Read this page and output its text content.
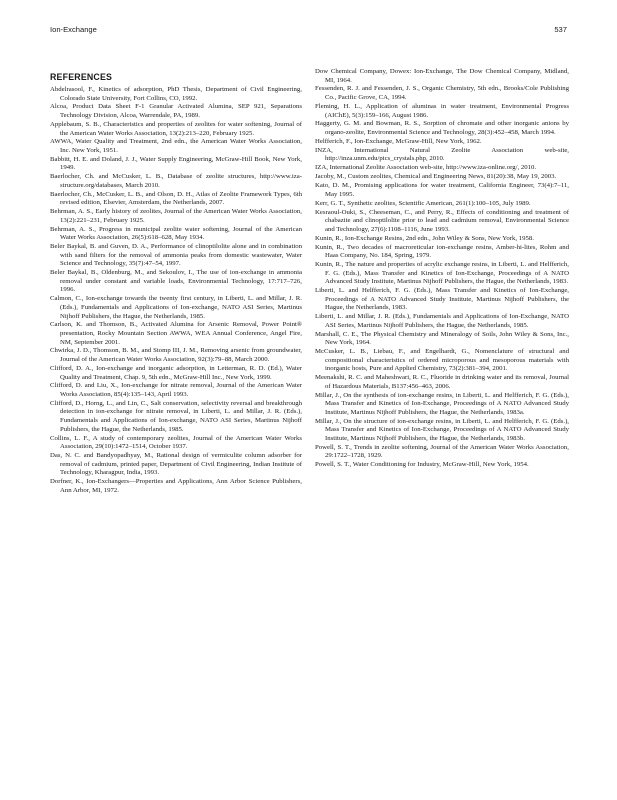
Ion-Exchange	537
REFERENCES

Abdelrasool, F., Kinetics of adsorption, PhD Thesis, Department of Civil Engineering, Colorado State University, Fort Collins, CO, 1992.

Alcoa, Product Data Sheet F-1 Granular Activated Alumina, SEP 921, Separations Technology Division, Alcoa, Warrendale, PA, 1989.

Applebaum, S. B., Characteristics and properties of zeolites for water softening, Journal of the American Water Works Association, 13(2):213–220, February 1925.

AWWA, Water Quality and Treatment, 2nd edn., the American Water Works Association, Inc. New York, 1951.

Babbitt, H. E. and Doland, J. J., Water Supply Engineering, McGraw-Hill Book, New York, 1949.

Baerlocher, Ch. and McCusker, L. B., Database of zeolite structures, http://www.iza-structure.org/databases, March 2010.

Baerlocher, Ch., McCusker, L. B., and Olson, D. H., Atlas of Zeolite Framework Types, 6th revised edition, Elsevier, Amsterdam, the Netherlands, 2007.

Behrman, A. S., Early history of zeolites, Journal of the American Water Works Association, 13(2):221–231, February 1925.

Behrman, A. S., Progress in municipal zeolite water softening, Journal of the American Water Works Association, 26(5):618–628, May 1934.

Beler Baykal, B. and Guven, D. A., Performance of clinoptilolite alone and in combination with sand filters for the removal of ammonia peaks from domestic wastewater, Water Science and Technology, 35(7):47–54, 1997.

Beler Baykal, B., Oldenburg, M., and Sekoulov, I., The use of ion-exchange in ammonia removal under constant and variable loads, Environmental Technology, 17:717–726, 1996.

Calmon, C., Ion-exchange towards the twenty first century, in Liberti, L. and Millar, J. R. (Eds.), Fundamentals and Applications of Ion-exchange, NATO ASI Series, Martinus Nijhoff Publishers, the Hague, the Netherlands, 1985.

Carlson, K. and Thomson, B., Activated Alumina for Arsenic Removal, Power Point® presentation, Rocky Mountain Section AWWA, WEA Annual Conference, Angel Fire, NM, September 2001.

Chwirka, J. D., Thomson, B. M., and Stomp III, J. M., Removing arsenic from groundwater, Journal of the American Water Works Association, 92(3):79–88, March 2000.

Clifford, D. A., Ion-exchange and inorganic adsorption, in Letterman, R. D. (Ed.), Water Quality and Treatment, Chap. 9, 5th edn., McGraw-Hill Inc., New York, 1999.

Clifford, D. and Liu, X., Ion-exchange for nitrate removal, Journal of the American Water Works Association, 85(4):135–143, April 1993.

Clifford, D., Horng, L., and Lin, C., Salt conservation, selectivity reversal and breakthrough detection in ion-exchange for nitrate removal, in Liberti, L. and Millar, J. R. (Eds.), Fundamentals and Applications of Ion-exchange, NATO ASI Series, Martinus Nijhoff Publishers, the Hague, the Netherlands, 1985.

Collins, L. F., A study of contemporary zeolites, Journal of the American Water Works Association, 29(10):1472–1514, October 1937.

Das, N. C. and Bandyopadhyay, M., Rational design of vermiculite column adsorber for removal of cadmium, printed paper, Department of Civil Engineering, Indian Institute of Technology, Kharagpur, India, 1993.

Dorfner, K., Ion-Exchangers—Properties and Applications, Ann Arbor Science Publishers, Ann Arbor, MI, 1972.

Dow Chemical Company, Dowex: Ion-Exchange, The Dow Chemical Company, Midland, MI, 1964.

Fessenden, R. J. and Fessenden, J. S., Organic Chemistry, 5th edn., Brooks/Cole Publishing Co., Pacific Grove, CA, 1994.

Fleming, H. L., Application of aluminas in water treatment, Environmental Progress (AIChE), 5(3):159–166, August 1986.

Haggerty, G. M. and Bowman, R. S., Sorption of chromate and other inorganic anions by organo-zeolite, Environmental Science and Technology, 28(3):452–458, March 1994.

Helfferich, F., Ion-Exchange, McGraw-Hill, New York, 1962.

INZA, International Natural Zeolite Association web-site, http://inza.unm.edu/pics_crystals.php, 2010.

IZA, International Zeolite Association web-site, http://www.iza-online.org/, 2010.

Jacoby, M., Custom zeolites, Chemical and Engineering News, 81(20):38, May 19, 2003.

Kato, D. M., Promising applications for water treatment, California Engineer, 73(4):7–11, May 1995.

Kerr, G. T., Synthetic zeolites, Scientific American, 261(1):100–105, July 1989.

Kesraoul-Ouki, S., Cheeseman, C., and Perry, R., Effects of conditioning and treatment of chabazite and clinoptilolite prior to lead and cadmium removal, Environmental Science and Technology, 27(6):1108–1116, June 1993.

Kunin, R., Ion-Exchange Resins, 2nd edn., John Wiley & Sons, New York, 1958.

Kunin, R., Two decades of macroreticular ion-exchange resins, Amber-hi-lites, Rohm and Haas Company, No. 184, Spring, 1979.

Kunin, R., The nature and properties of acrylic exchange resins, in Liberti, L. and Helfferich, F. G. (Eds.), Mass Transfer and Kinetics of Ion-Exchange, Proceedings of A NATO Advanced Study Institute, Martinus Nijhoff Publishers, the Hague, the Netherlands, 1983.

Liberti, L. and Helfferich, F. G. (Eds.), Mass Transfer and Kinetics of Ion-Exchange, Proceedings of A NATO Advanced Study Institute, Martinus Nijhoff Publishers, the Hague, the Netherlands, 1983.

Liberti, L. and Millar, J. R. (Eds.), Fundamentals and Applications of Ion-Exchange, NATO ASI Series, Martinus Nijhoff Publishers, the Hague, the Netherlands, 1985.

Marshall, C. E., The Physical Chemistry and Mineralogy of Soils, John Wiley & Sons, Inc., New York, 1964.

McCusker, L. B., Liebau, F., and Engelhardt, G., Nomenclature of structural and compositional characteristics of ordered microporous and mesoporous materials with inorganic hosts, Pure and Applied Chemistry, 73(2):381–394, 2001.

Meenakshi, R. C. and Maheshwari, R. C., Fluoride in drinking water and its removal, Journal of Hazardous Materials, B137:456–463, 2006.

Millar, J., On the synthesis of ion-exchange resins, in Liberti, L. and Helfferich, F. G. (Eds.), Mass Transfer and Kinetics of Ion-Exchange, Proceedings of A NATO Advanced Study Institute, Martinus Nijhoff Publishers, the Hague, the Netherlands, 1983a.

Millar, J., On the structure of ion-exchange resins, in Liberti, L. and Helfferich, F. G. (Eds.), Mass Transfer and Kinetics of Ion-Exchange, Proceedings of A NATO Advanced Study Institute, Martinus Nijhoff Publishers, the Hague, the Netherlands, 1983b.

Powell, S. T., Trends in zeolite softening, Journal of the American Water Works Association, 29:1722–1728, 1929.

Powell, S. T., Water Conditioning for Industry, McGraw-Hill, New York, 1954.
